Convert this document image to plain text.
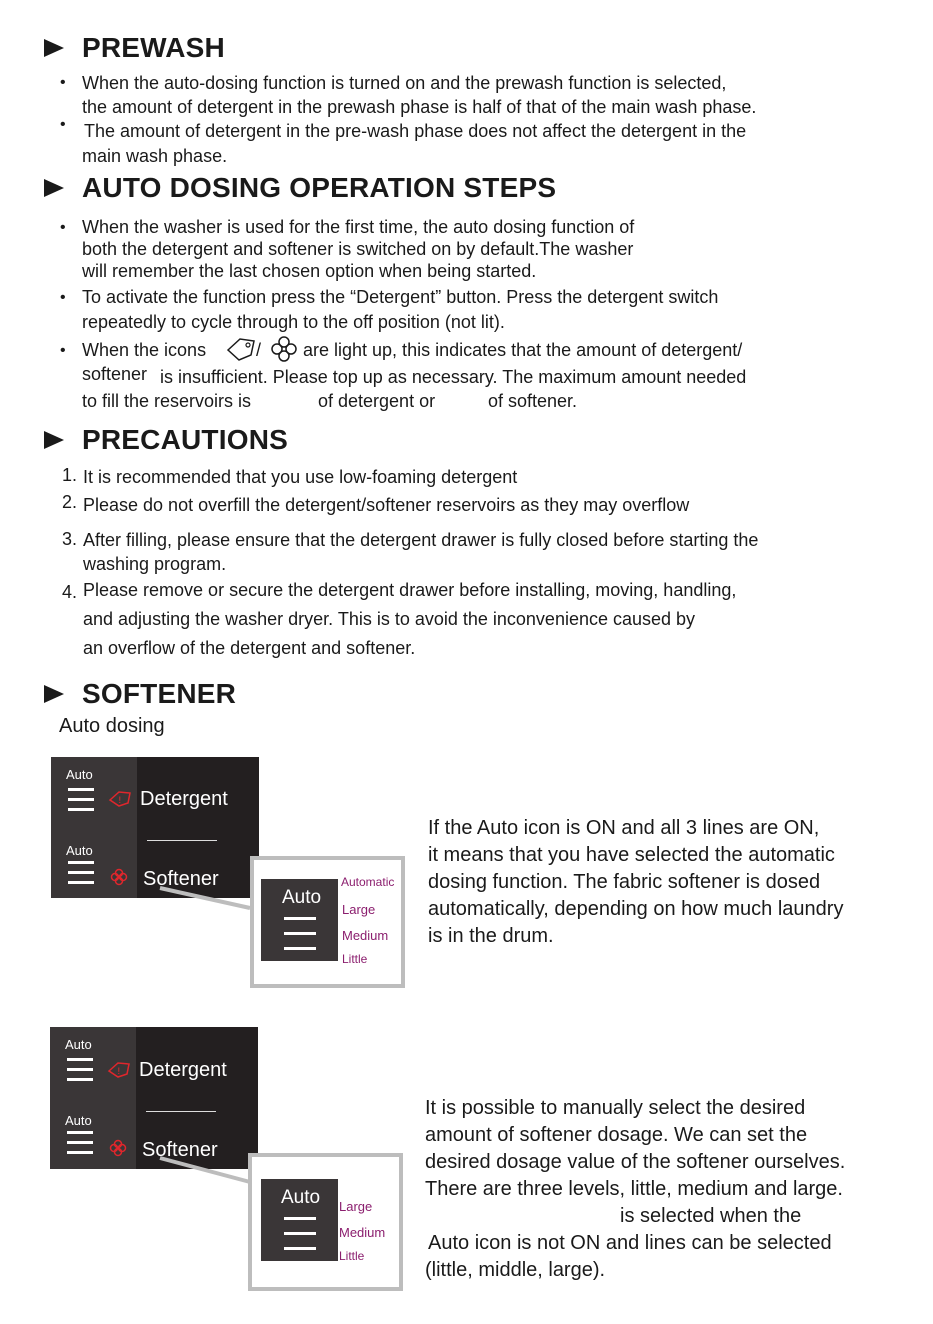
PREWASH
• When the auto-dosing function is turned on and the prewash function is selected,
the amount of detergent in the prewash phase is half of that of the main wash phase.
• The amount of detergent in the pre-wash phase does not affect the detergent in the
main wash phase.
AUTO DOSING OPERATION STEPS
• When the washer is used for the first time, the auto dosing function of
both the detergent and softener is switched on by default.The washer
will remember the last chosen option when being started.
• To activate the function press the “Detergent” button. Press the detergent switch
repeatedly to cycle through to the off position (not lit).
• When the icons	/ are light up, this indicates that the amount of detergent/
softener is insufficient. Please top up as necessary. The maximum amount needed
to fill the reservoirs is	of detergent or	of softener.
PRECAUTIONS
1. It is recommended that you use low-foaming detergent
2. Please do not overfill the detergent/softener reservoirs as they may overflow
3. After filling, please ensure that the detergent drawer is fully closed before starting the
washing program.
4. Please remove or secure the detergent drawer before installing, moving, handling,
and adjusting the washer dryer. This is to avoid the inconvenience caused by
an overflow of the detergent and softener.
SOFTENER
Auto dosing
Auto
! Detergent
Auto
Softener
Auto
Automatic
Large
Medium
Little
If the Auto icon is ON and all 3 lines are ON,
it means that you have selected the automatic
dosing function. The fabric softener is dosed
automatically, depending on how much laundry
is in the drum.
Auto
! Detergent
Auto
Softener
Auto Large
Medium
Little
It is possible to manually select the desired
amount of softener dosage. We can set the
desired dosage value of the softener ourselves.
There are three levels, little, medium and large.
is selected when the
Auto icon is not ON and lines can be selected
(little, middle, large).
